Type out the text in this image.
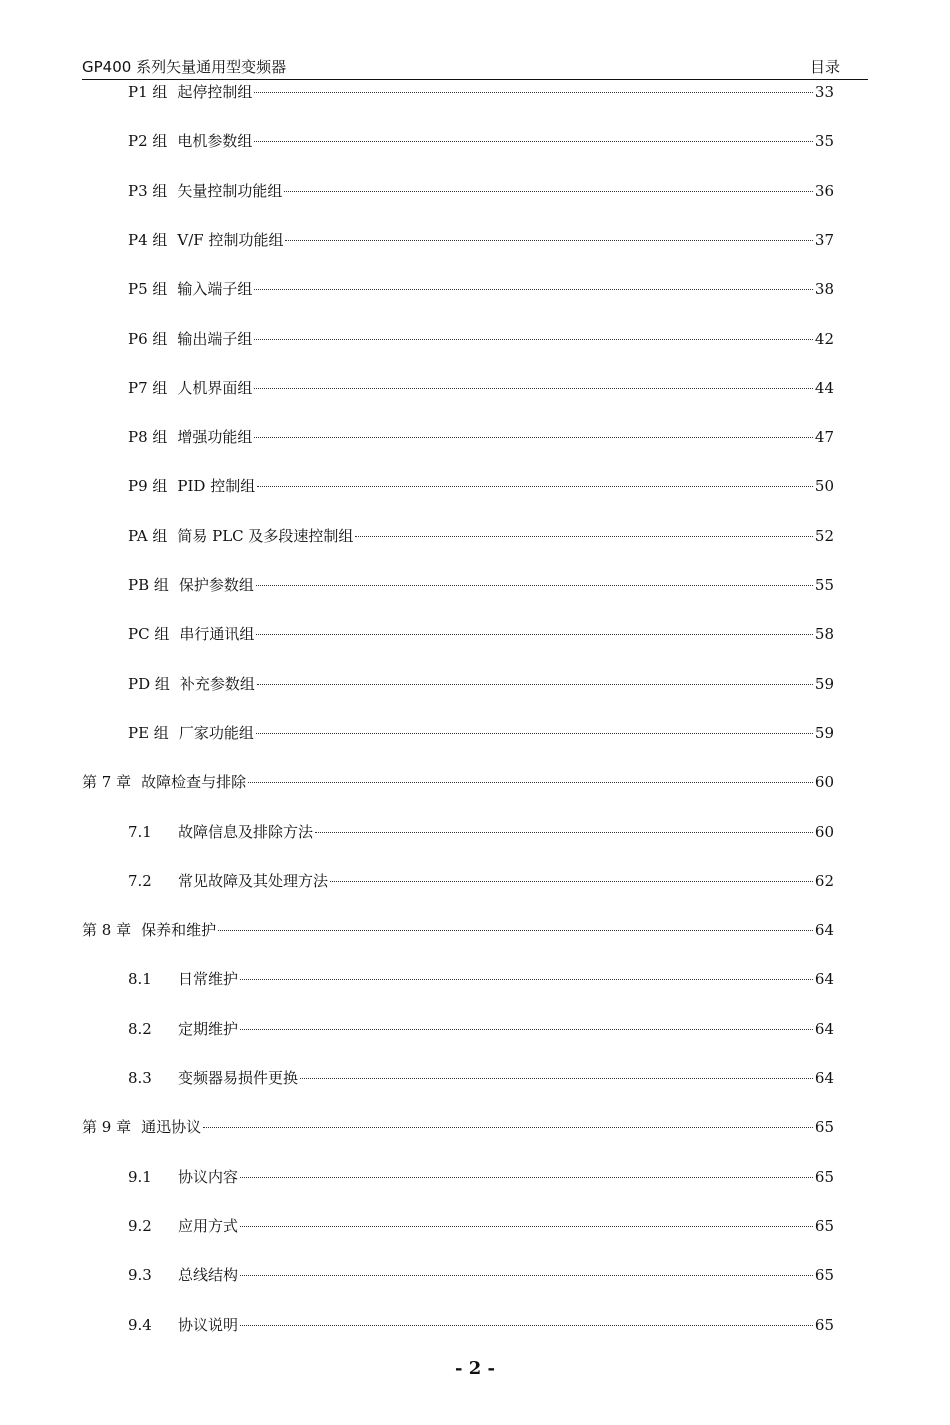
GP400 系列矢量通用型变频器	目录
P1 组 起停控制组	33
P2 组 电机参数组	35
P3 组 矢量控制功能组	36
P4 组 V/F 控制功能组	37
P5 组 输入端子组	38
P6 组 输出端子组	42
P7 组 人机界面组	44
P8 组 增强功能组	47
P9 组 PID 控制组	50
PA 组 简易 PLC 及多段速控制组	52
PB 组 保护参数组	55
PC 组 串行通讯组	58
PD 组 补充参数组	59
PE 组 厂家功能组	59
第 7 章 故障检查与排除	60
7.1	故障信息及排除方法	60
7.2	常见故障及其处理方法	62
第 8 章 保养和维护	64
8.1	日常维护	64
8.2	定期维护	64
8.3	变频器易损件更换	64
第 9 章 通迅协议	65
9.1	协议内容	65
9.2	应用方式	65
9.3	总线结构	65
9.4	协议说明	65
- 2 -
